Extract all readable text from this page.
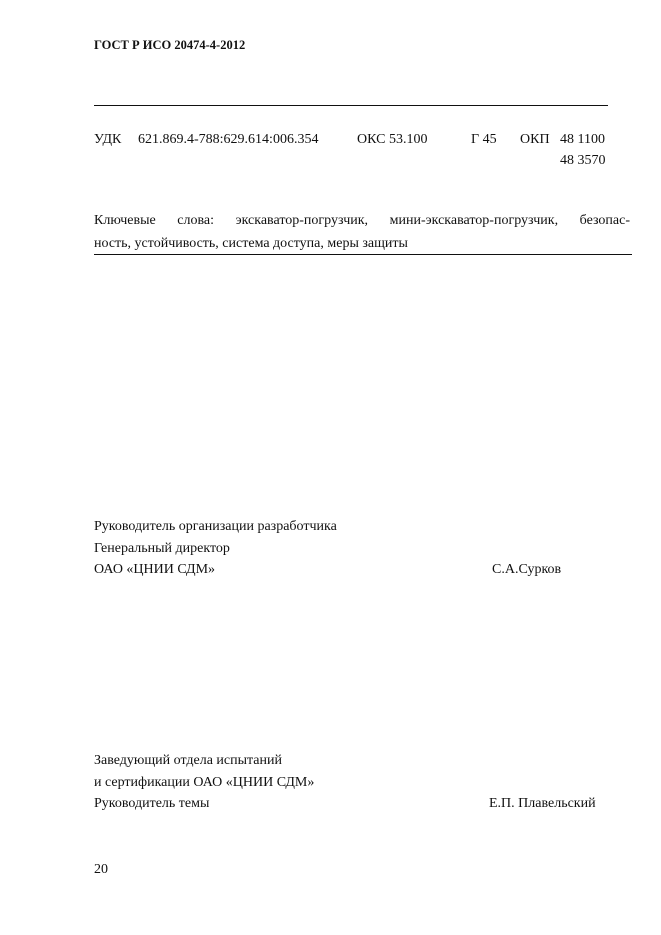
ГОСТ Р ИСО 20474-4-2012
УДК 621.869.4-788:629.614:006.354	ОКС 53.100	Г 45 ОКП 48 1100
48 3570
Ключевые слова: экскаватор-погрузчик, мини-экскаватор-погрузчик, безопас-
ность, устойчивость, система доступа, меры защиты
Руководитель организации разработчика
Генеральный директор
ОАО «ЦНИИ СДМ»	С.А.Сурков
Заведующий отдела испытаний
и сертификации ОАО «ЦНИИ СДМ»
Руководитель темы	Е.П. Плавельский
20
